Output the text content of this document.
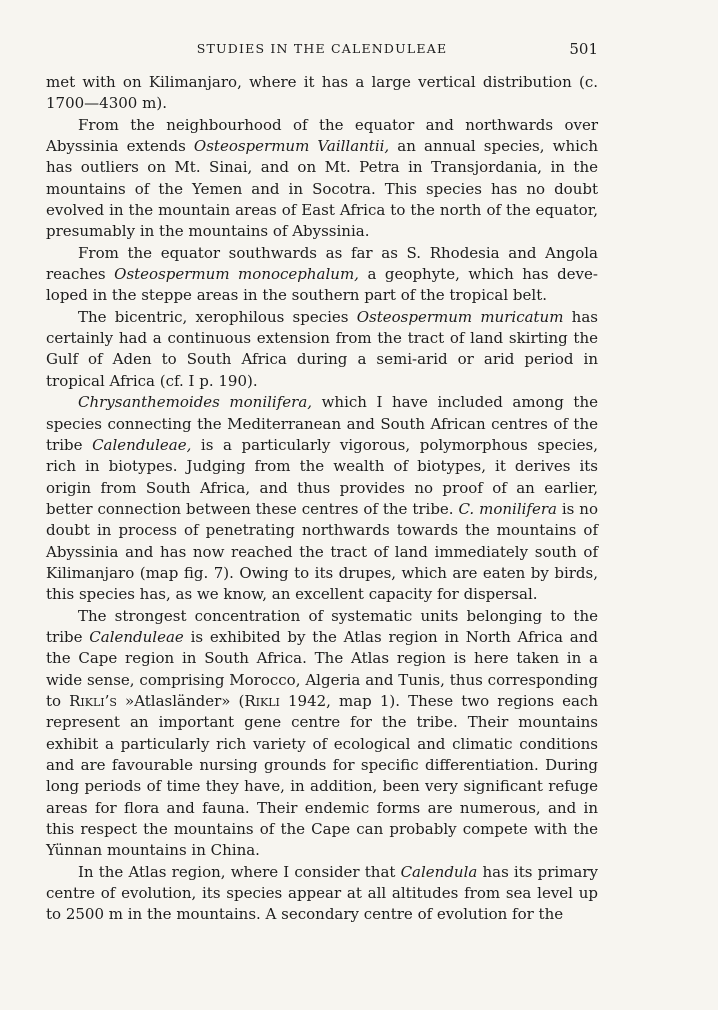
STUDIES IN THE CALENDULEAE	501

met with on Kilimanjaro, where it has a large vertical distribution (c. 1700—4300 m).

From the neighbourhood of the equator and northwards over Abyssinia extends Osteospermum Vaillantii, an annual species, which has outliers on Mt. Sinai, and on Mt. Petra in Transjordania, in the mountains of the Yemen and in Socotra. This species has no doubt evolved in the mountain areas of East Africa to the north of the equator, presumably in the mountains of Abyssinia.

From the equator southwards as far as S. Rhodesia and Angola reaches Osteospermum monocephalum, a geophyte, which has developed in the steppe areas in the southern part of the tropical belt.

The bicentric, xerophilous species Osteospermum muricatum has certainly had a continuous extension from the tract of land skirting the Gulf of Aden to South Africa during a semi-arid or arid period in tropical Africa (cf. I p. 190).

Chrysanthemoides monilifera, which I have included among the species connecting the Mediterranean and South African centres of the tribe Calenduleae, is a particularly vigorous, polymorphous species, rich in biotypes. Judging from the wealth of biotypes, it derives its origin from South Africa, and thus provides no proof of an earlier, better connection between these centres of the tribe. C. monilifera is no doubt in process of penetrating northwards towards the mountains of Abyssinia and has now reached the tract of land immediately south of Kilimanjaro (map fig. 7). Owing to its drupes, which are eaten by birds, this species has, as we know, an excellent capacity for dispersal.

The strongest concentration of systematic units belonging to the tribe Calenduleae is exhibited by the Atlas region in North Africa and the Cape region in South Africa. The Atlas region is here taken in a wide sense, comprising Morocco, Algeria and Tunis, thus corresponding to Rikli’s »Atlasländer» (Rikli 1942, map 1). These two regions each represent an important gene centre for the tribe. Their mountains exhibit a particularly rich variety of ecological and climatic conditions and are favourable nursing grounds for specific differentiation. During long periods of time they have, in addition, been very significant refuge areas for flora and fauna. Their endemic forms are numerous, and in this respect the mountains of the Cape can probably compete with the Yünnan mountains in China.

In the Atlas region, where I consider that Calendula has its primary centre of evolution, its species appear at all altitudes from sea level up to 2500 m in the mountains. A secondary centre of evolution for the
